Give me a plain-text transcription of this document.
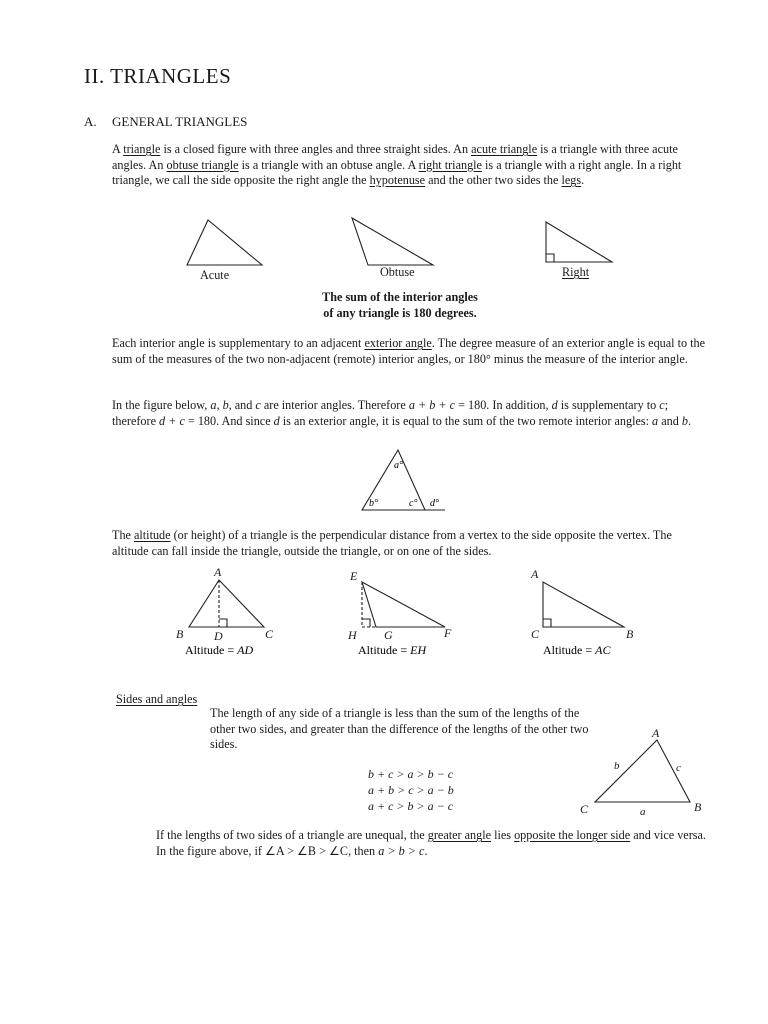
II. TRIANGLES
A. GENERAL TRIANGLES
A triangle is a closed figure with three angles and three straight sides. An acute triangle is a triangle with three acute angles. An obtuse triangle is a triangle with an obtuse angle. A right triangle is a triangle with a right angle. In a right triangle, we call the side opposite the right angle the hypotenuse and the other two sides the legs.
Acute	Obtuse	Right
The sum of the interior angles
of any triangle is 180 degrees.
Each interior angle is supplementary to an adjacent exterior angle. The degree measure of an exterior angle is equal to the sum of the measures of the two non-adjacent (remote) interior angles, or 180° minus the measure of the interior angle.
In the figure below, a, b, and c are interior angles. Therefore a + b + c = 180. In addition, d is supplementary to c; therefore d + c = 180. And since d is an exterior angle, it is equal to the sum of the two remote interior angles: a and b.
a°
b°	c° d°
The altitude (or height) of a triangle is the perpendicular distance from a vertex to the side opposite the vertex. The altitude can fall inside the triangle, outside the triangle, or on one of the sides.
A
B	D	C
E
H G	F
A
C	B
Altitude = AD	Altitude = EH	Altitude = AC
Sides and angles
The length of any side of a triangle is less than the sum of the lengths of the other two sides, and greater than the difference of the lengths of the other two sides.
b + c > a > b − c
a + b > c > a − b
a + c > b > a − c
A
C	B
b	c
a
If the lengths of two sides of a triangle are unequal, the greater angle lies opposite the longer side and vice versa. In the figure above, if ∠A > ∠B > ∠C, then a > b > c.
